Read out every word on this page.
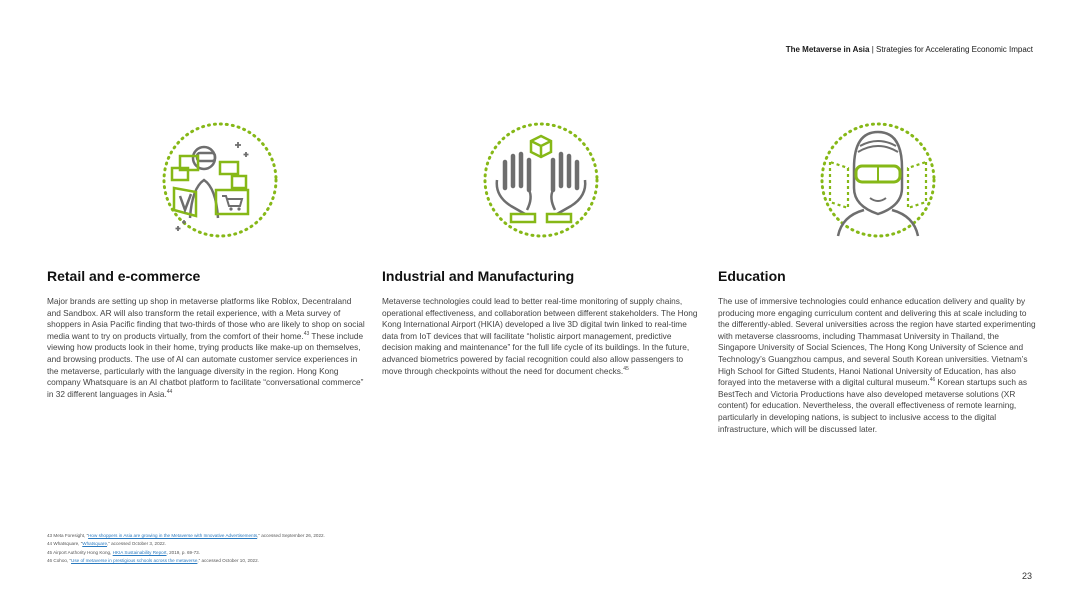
The Metaverse in Asia | Strategies for Accelerating Economic Impact
Retail and e-commerce

Major brands are setting up shop in metaverse platforms like Roblox, Decentraland and Sandbox. AR will also transform the retail experience, with a Meta survey of shoppers in Asia Pacific finding that two-thirds of those who are likely to shop on social media want to try on products virtually, from the comfort of their home.$^{43}$ These include viewing how products look in their home, trying products like make-up on themselves, and browsing products. The use of AI can automate customer service experiences in the metaverse, particularly with the language diversity in the region. Hong Kong company Whatsquare is an AI chatbot platform to facilitate “conversational commerce” in 32 different languages in Asia.$^{44}$

Industrial and Manufacturing

Metaverse technologies could lead to better real-time monitoring of supply chains, operational effectiveness, and collaboration between different stakeholders. The Hong Kong International Airport (HKIA) developed a live 3D digital twin linked to real-time data from IoT devices that will facilitate “holistic airport management, predictive decision making and maintenance” for the full life cycle of its buildings. In the future, advanced biometrics powered by facial recognition could also allow passengers to move through checkpoints without the need for document checks.$^{45}$

Education

The use of immersive technologies could enhance education delivery and quality by producing more engaging curriculum content and delivering this at scale including to the differently-abled. Several universities across the region have started experimenting with metaverse classrooms, including Thammasat University in Thailand, the Singapore University of Social Sciences, The Hong Kong University of Science and Technology’s Guangzhou campus, and several South Korean universities. Vietnam’s High School for Gifted Students, Hanoi National University of Education, has also forayed into the metaverse with a digital cultural museum.$^{46}$ Korean startups such as BestTech and Victoria Productions have also developed metaverse solutions (XR content) for education. Nevertheless, the overall effectiveness of remote learning, particularly in developing nations, is subject to inclusive access to the digital infrastructure, which will be discussed later.

43 Meta Foresight, “How shoppers in Asia are growing in the Metaverse with Innovative Advertisements,” accessed September 26, 2022.
44 Whatsquare, “Whatsquare,” accessed October 3, 2022.
45 Airport Authority Hong Kong, HKIA Sustainability Report, 2019, p. 69-73.
46 Cohoo, “Use of metaverse in prestigious schools across the metaverse,” accessed October 10, 2022.
23
